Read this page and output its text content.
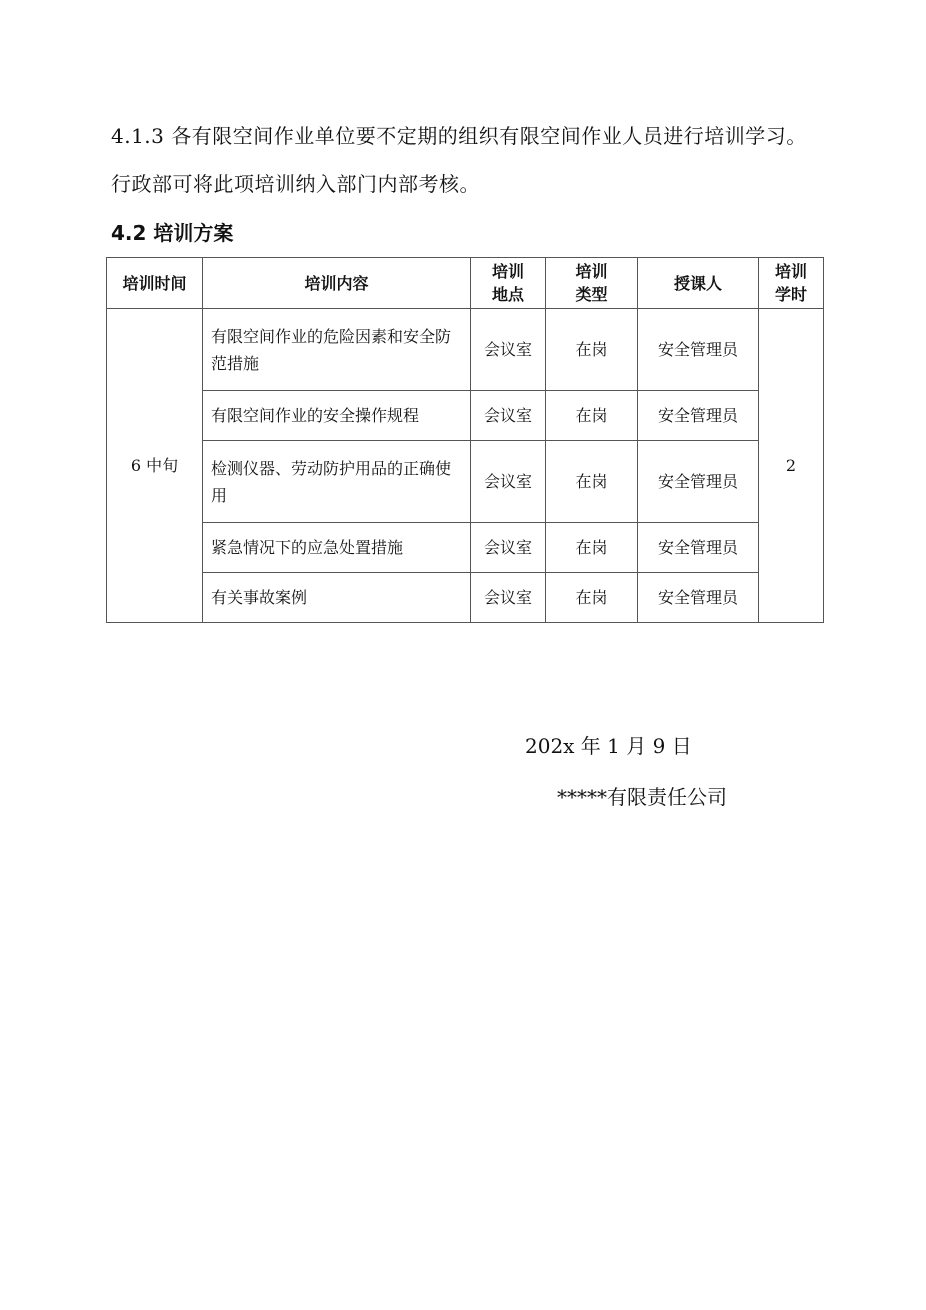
4.1.3 各有限空间作业单位要不定期的组织有限空间作业人员进行培训学习。行政部可将此项培训纳入部门内部考核。
4.2 培训方案
培训时间	培训内容	培训地点	培训类型	授课人	培训学时
6 中旬	有限空间作业的危险因素和安全防范措施	会议室	在岗	安全管理员	2
	有限空间作业的安全操作规程	会议室	在岗	安全管理员	
	检测仪器、劳动防护用品的正确使用	会议室	在岗	安全管理员	
	紧急情况下的应急处置措施	会议室	在岗	安全管理员	
	有关事故案例	会议室	在岗	安全管理员	
202x 年 1 月 9 日
*****有限责任公司
